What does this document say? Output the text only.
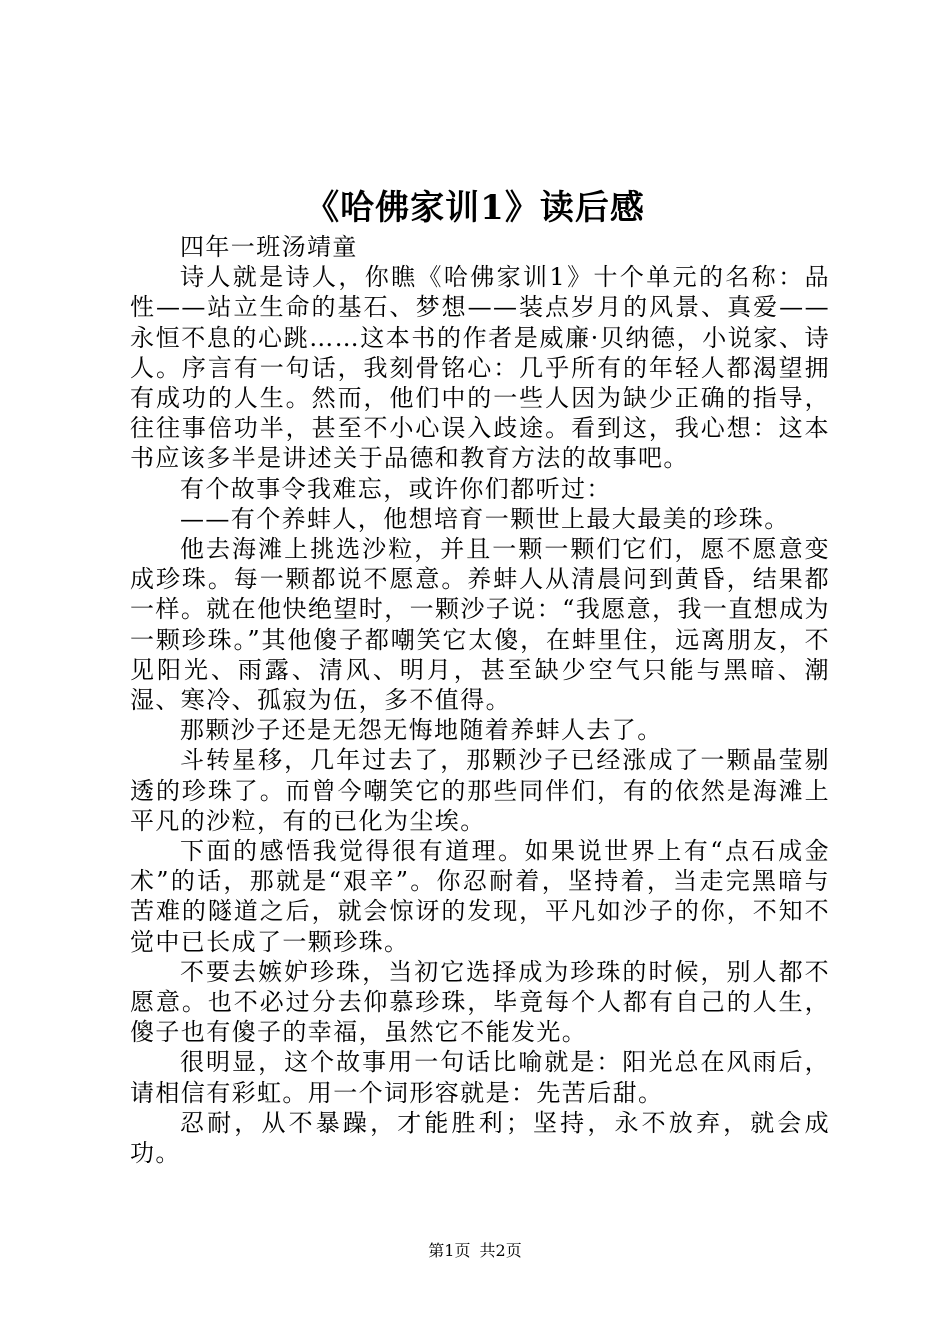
《哈佛家训1》读后感

四年一班汤靖童

诗人就是诗人，你瞧《哈佛家训1》十个单元的名称：品性——站立生命的基石、梦想——装点岁月的风景、真爱——永恒不息的心跳……这本书的作者是威廉·贝纳德，小说家、诗人。序言有一句话，我刻骨铭心：几乎所有的年轻人都渴望拥有成功的人生。然而，他们中的一些人因为缺少正确的指导，往往事倍功半，甚至不小心误入歧途。看到这，我心想：这本书应该多半是讲述关于品德和教育方法的故事吧。

有个故事令我难忘，或许你们都听过：

——有个养蚌人，他想培育一颗世上最大最美的珍珠。

他去海滩上挑选沙粒，并且一颗一颗们它们，愿不愿意变成珍珠。每一颗都说不愿意。养蚌人从清晨问到黄昏，结果都一样。就在他快绝望时，一颗沙子说：“我愿意，我一直想成为一颗珍珠。”其他傻子都嘲笑它太傻，在蚌里住，远离朋友，不见阳光、雨露、清风、明月，甚至缺少空气只能与黑暗、潮湿、寒冷、孤寂为伍，多不值得。

那颗沙子还是无怨无悔地随着养蚌人去了。

斗转星移，几年过去了，那颗沙子已经涨成了一颗晶莹剔透的珍珠了。而曾今嘲笑它的那些同伴们，有的依然是海滩上平凡的沙粒，有的已化为尘埃。

下面的感悟我觉得很有道理。如果说世界上有“点石成金术”的话，那就是“艰辛”。你忍耐着，坚持着，当走完黑暗与苦难的隧道之后，就会惊讶的发现，平凡如沙子的你，不知不觉中已长成了一颗珍珠。

不要去嫉妒珍珠，当初它选择成为珍珠的时候，别人都不愿意。也不必过分去仰慕珍珠，毕竟每个人都有自己的人生，傻子也有傻子的幸福，虽然它不能发光。

很明显，这个故事用一句话比喻就是：阳光总在风雨后，请相信有彩虹。用一个词形容就是：先苦后甜。

忍耐，从不暴躁，才能胜利；坚持，永不放弃，就会成功。

第1页 共2页
